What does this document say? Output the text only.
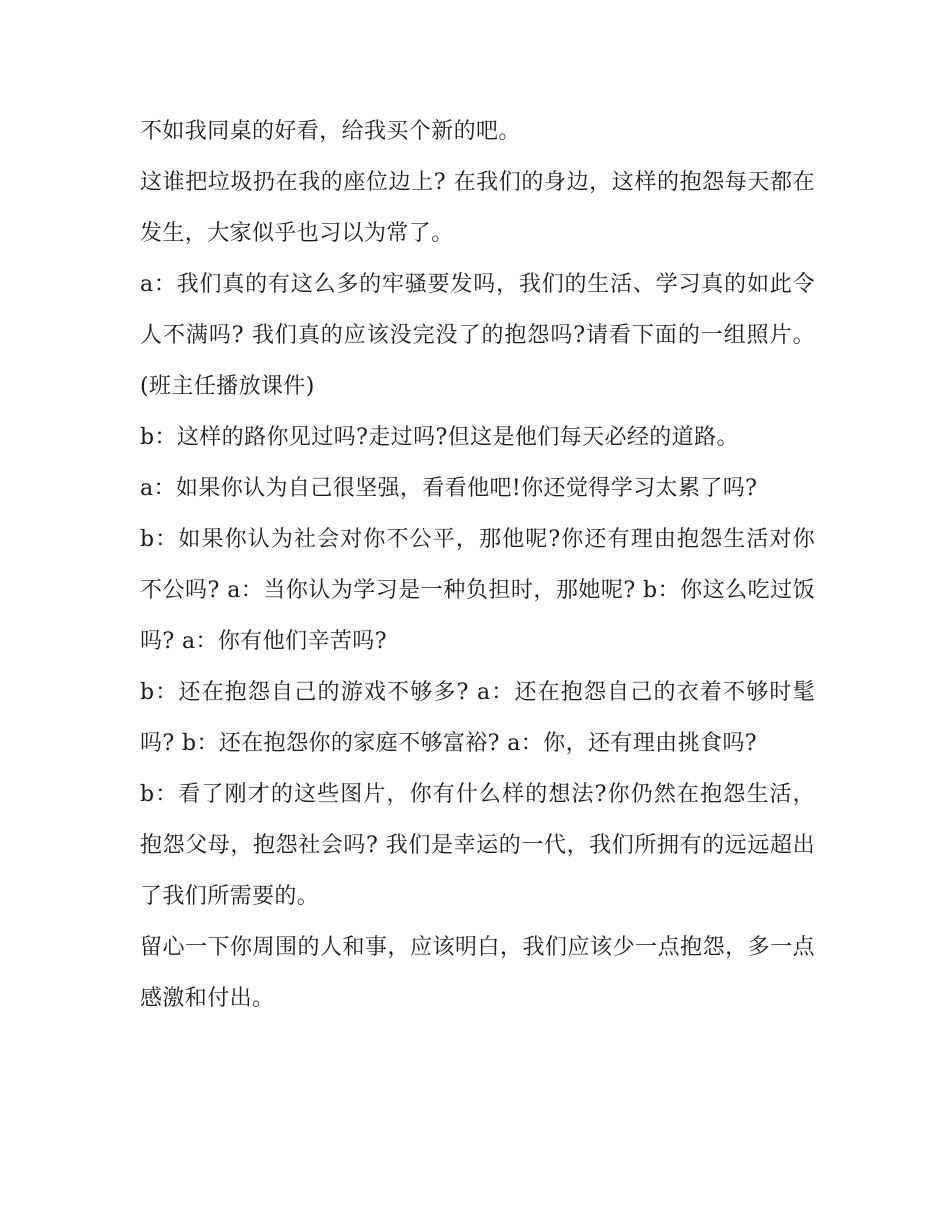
不如我同桌的好看，给我买个新的吧。

这谁把垃圾扔在我的座位边上? 在我们的身边，这样的抱怨每天都在发生，大家似乎也习以为常了。

a：我们真的有这么多的牢骚要发吗，我们的生活、学习真的如此令人不满吗? 我们真的应该没完没了的抱怨吗?请看下面的一组照片。 (班主任播放课件)

b：这样的路你见过吗?走过吗?但这是他们每天必经的道路。

a：如果你认为自己很坚强，看看他吧!你还觉得学习太累了吗?

b：如果你认为社会对你不公平，那他呢?你还有理由抱怨生活对你不公吗? a：当你认为学习是一种负担时，那她呢? b：你这么吃过饭吗? a：你有他们辛苦吗?

b：还在抱怨自己的游戏不够多? a：还在抱怨自己的衣着不够时髦吗? b：还在抱怨你的家庭不够富裕? a：你，还有理由挑食吗?

b：看了刚才的这些图片，你有什么样的想法?你仍然在抱怨生活，抱怨父母，抱怨社会吗? 我们是幸运的一代，我们所拥有的远远超出了我们所需要的。

留心一下你周围的人和事，应该明白，我们应该少一点抱怨，多一点感激和付出。
